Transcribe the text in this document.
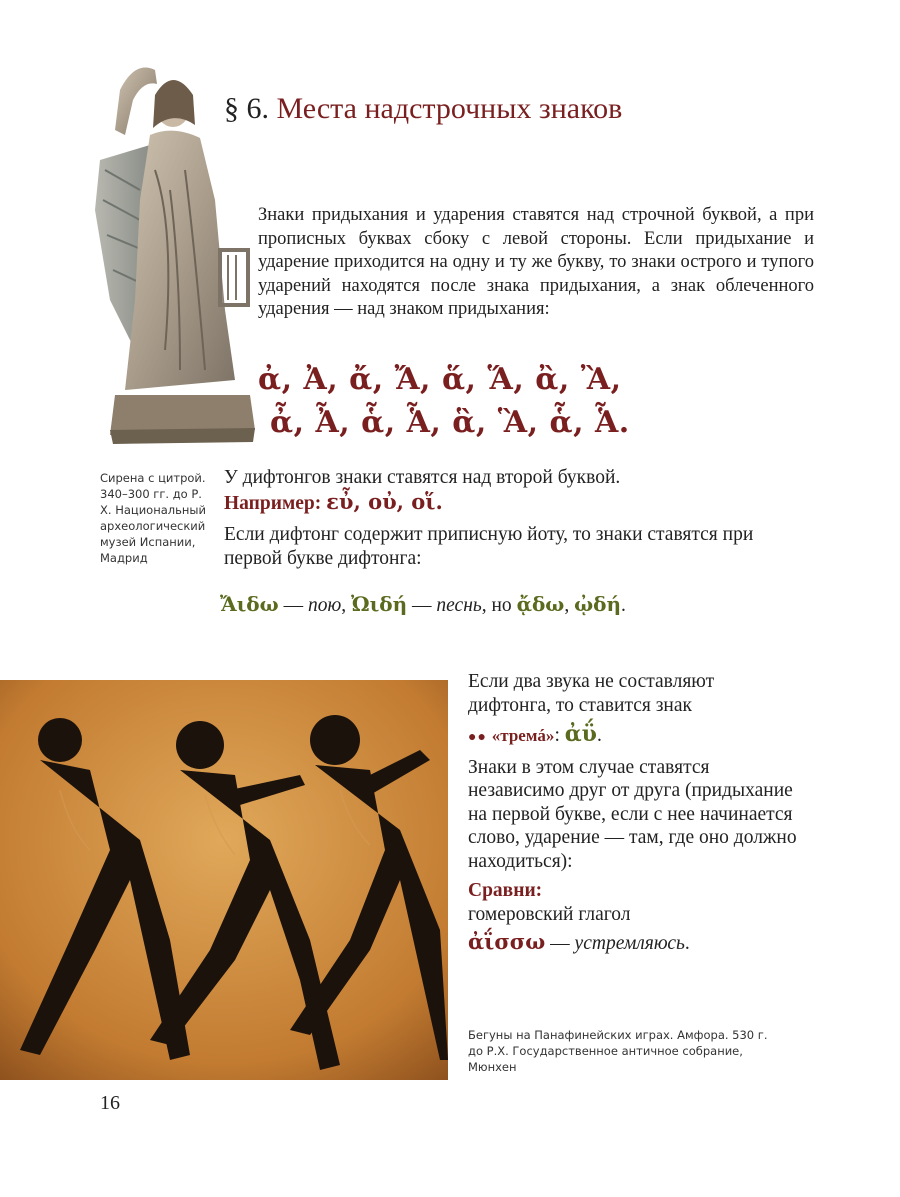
§ 6. Места надстрочных знаков
Знаки придыхания и ударения ставятся над строчной буквой, а при прописных буквах сбоку с левой стороны. Если придыхание и ударение приходится на одну и ту же букву, то знаки острого и тупого ударений находятся после знака придыхания, а знак облеченного ударения — над знаком придыхания:
ἀ, Ἀ, ἄ, Ἄ, ἅ, Ἅ, ἂ, Ἂ,
ἆ, Ἆ, ἇ, Ἇ, ἃ, Ἃ, ἇ, Ἇ.
Сирена с цитрой. 340–300 гг. до Р. Х. Национальный археологический музей Испании, Мадрид
У дифтонгов знаки ставятся над второй буквой.
Например: εὖ, οὐ, οἵ.
Если дифтонг содержит приписную йоту, то знаки ставятся при первой букве дифтонга:
Ἄιδω — пою, Ὠιδή — песнь, но ᾄδω, ᾠδή.

Если два звука не составляют дифтонга, то ставится знак

●● «тремá»: ἀΰ.

Знаки в этом случае ставятся независимо друг от друга (придыхание на первой букве, если с нее начинается слово, ударение — там, где оно должно находиться):

Сравни:
гомеровский глагол

ἀΐσσω — устремляюсь.

Бегуны на Панафинейских играх. Амфора. 530 г. до Р.Х. Государственное античное собрание, Мюнхен
16
